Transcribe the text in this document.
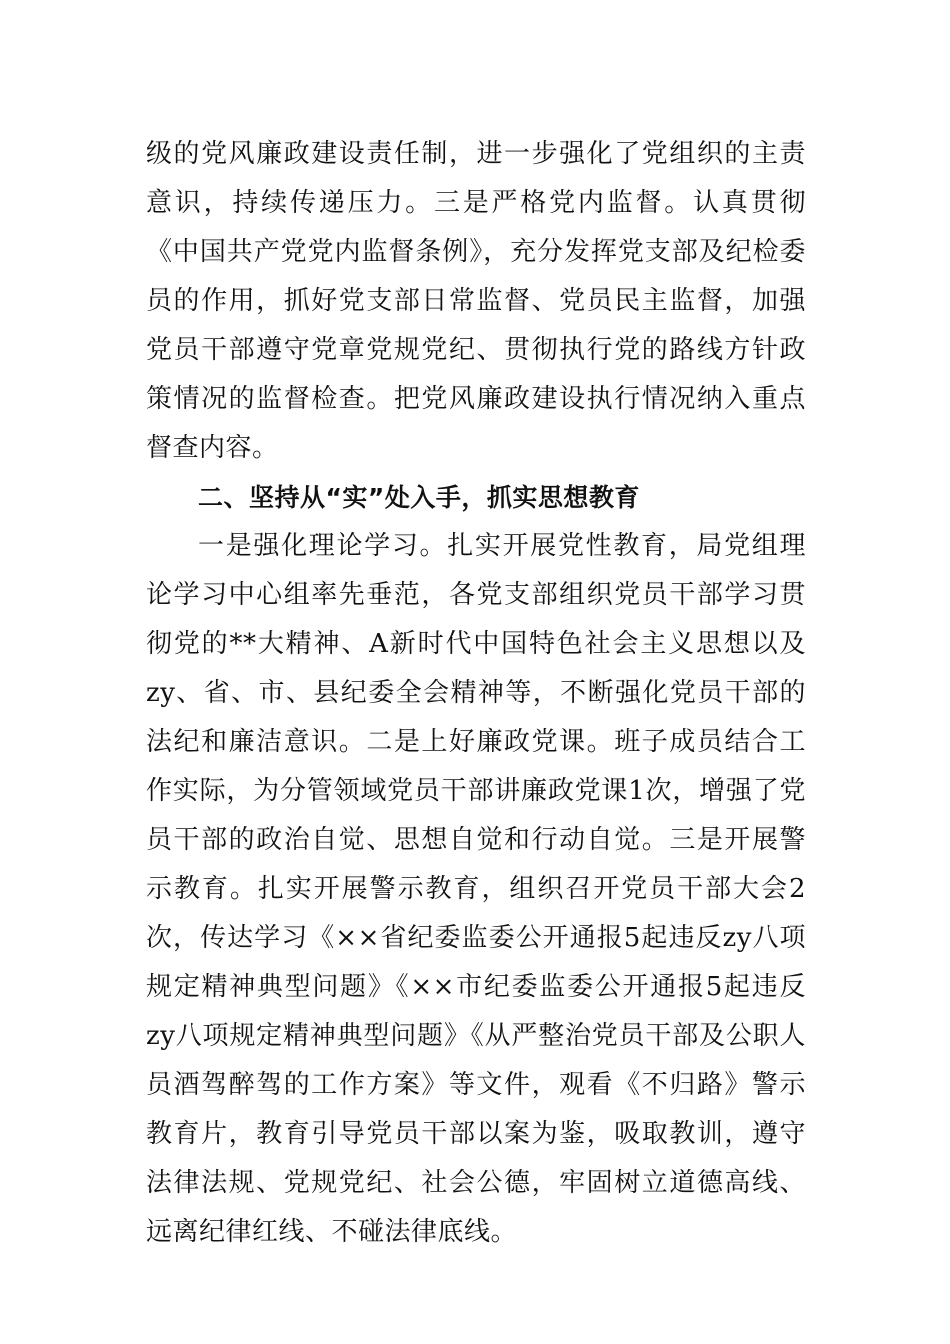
级的党风廉政建设责任制，进一步强化了党组织的主责意识，持续传递压力。三是严格党内监督。认真贯彻《中国共产党党内监督条例》，充分发挥党支部及纪检委员的作用，抓好党支部日常监督、党员民主监督，加强党员干部遵守党章党规党纪、贯彻执行党的路线方针政策情况的监督检查。把党风廉政建设执行情况纳入重点督查内容。

二、坚持从“实”处入手，抓实思想教育

一是强化理论学习。扎实开展党性教育，局党组理论学习中心组率先垂范，各党支部组织党员干部学习贯彻党的**大精神、A新时代中国特色社会主义思想以及zy、省、市、县纪委全会精神等，不断强化党员干部的法纪和廉洁意识。二是上好廉政党课。班子成员结合工作实际，为分管领域党员干部讲廉政党课1次，增强了党员干部的政治自觉、思想自觉和行动自觉。三是开展警示教育。扎实开展警示教育，组织召开党员干部大会2次，传达学习《××省纪委监委公开通报5起违反zy八项规定精神典型问题》《××市纪委监委公开通报5起违反zy八项规定精神典型问题》《从严整治党员干部及公职人员酒驾醉驾的工作方案》等文件，观看《不归路》警示教育片，教育引导党员干部以案为鉴，吸取教训，遵守法律法规、党规党纪、社会公德，牢固树立道德高线、远离纪律红线、不碰法律底线。
